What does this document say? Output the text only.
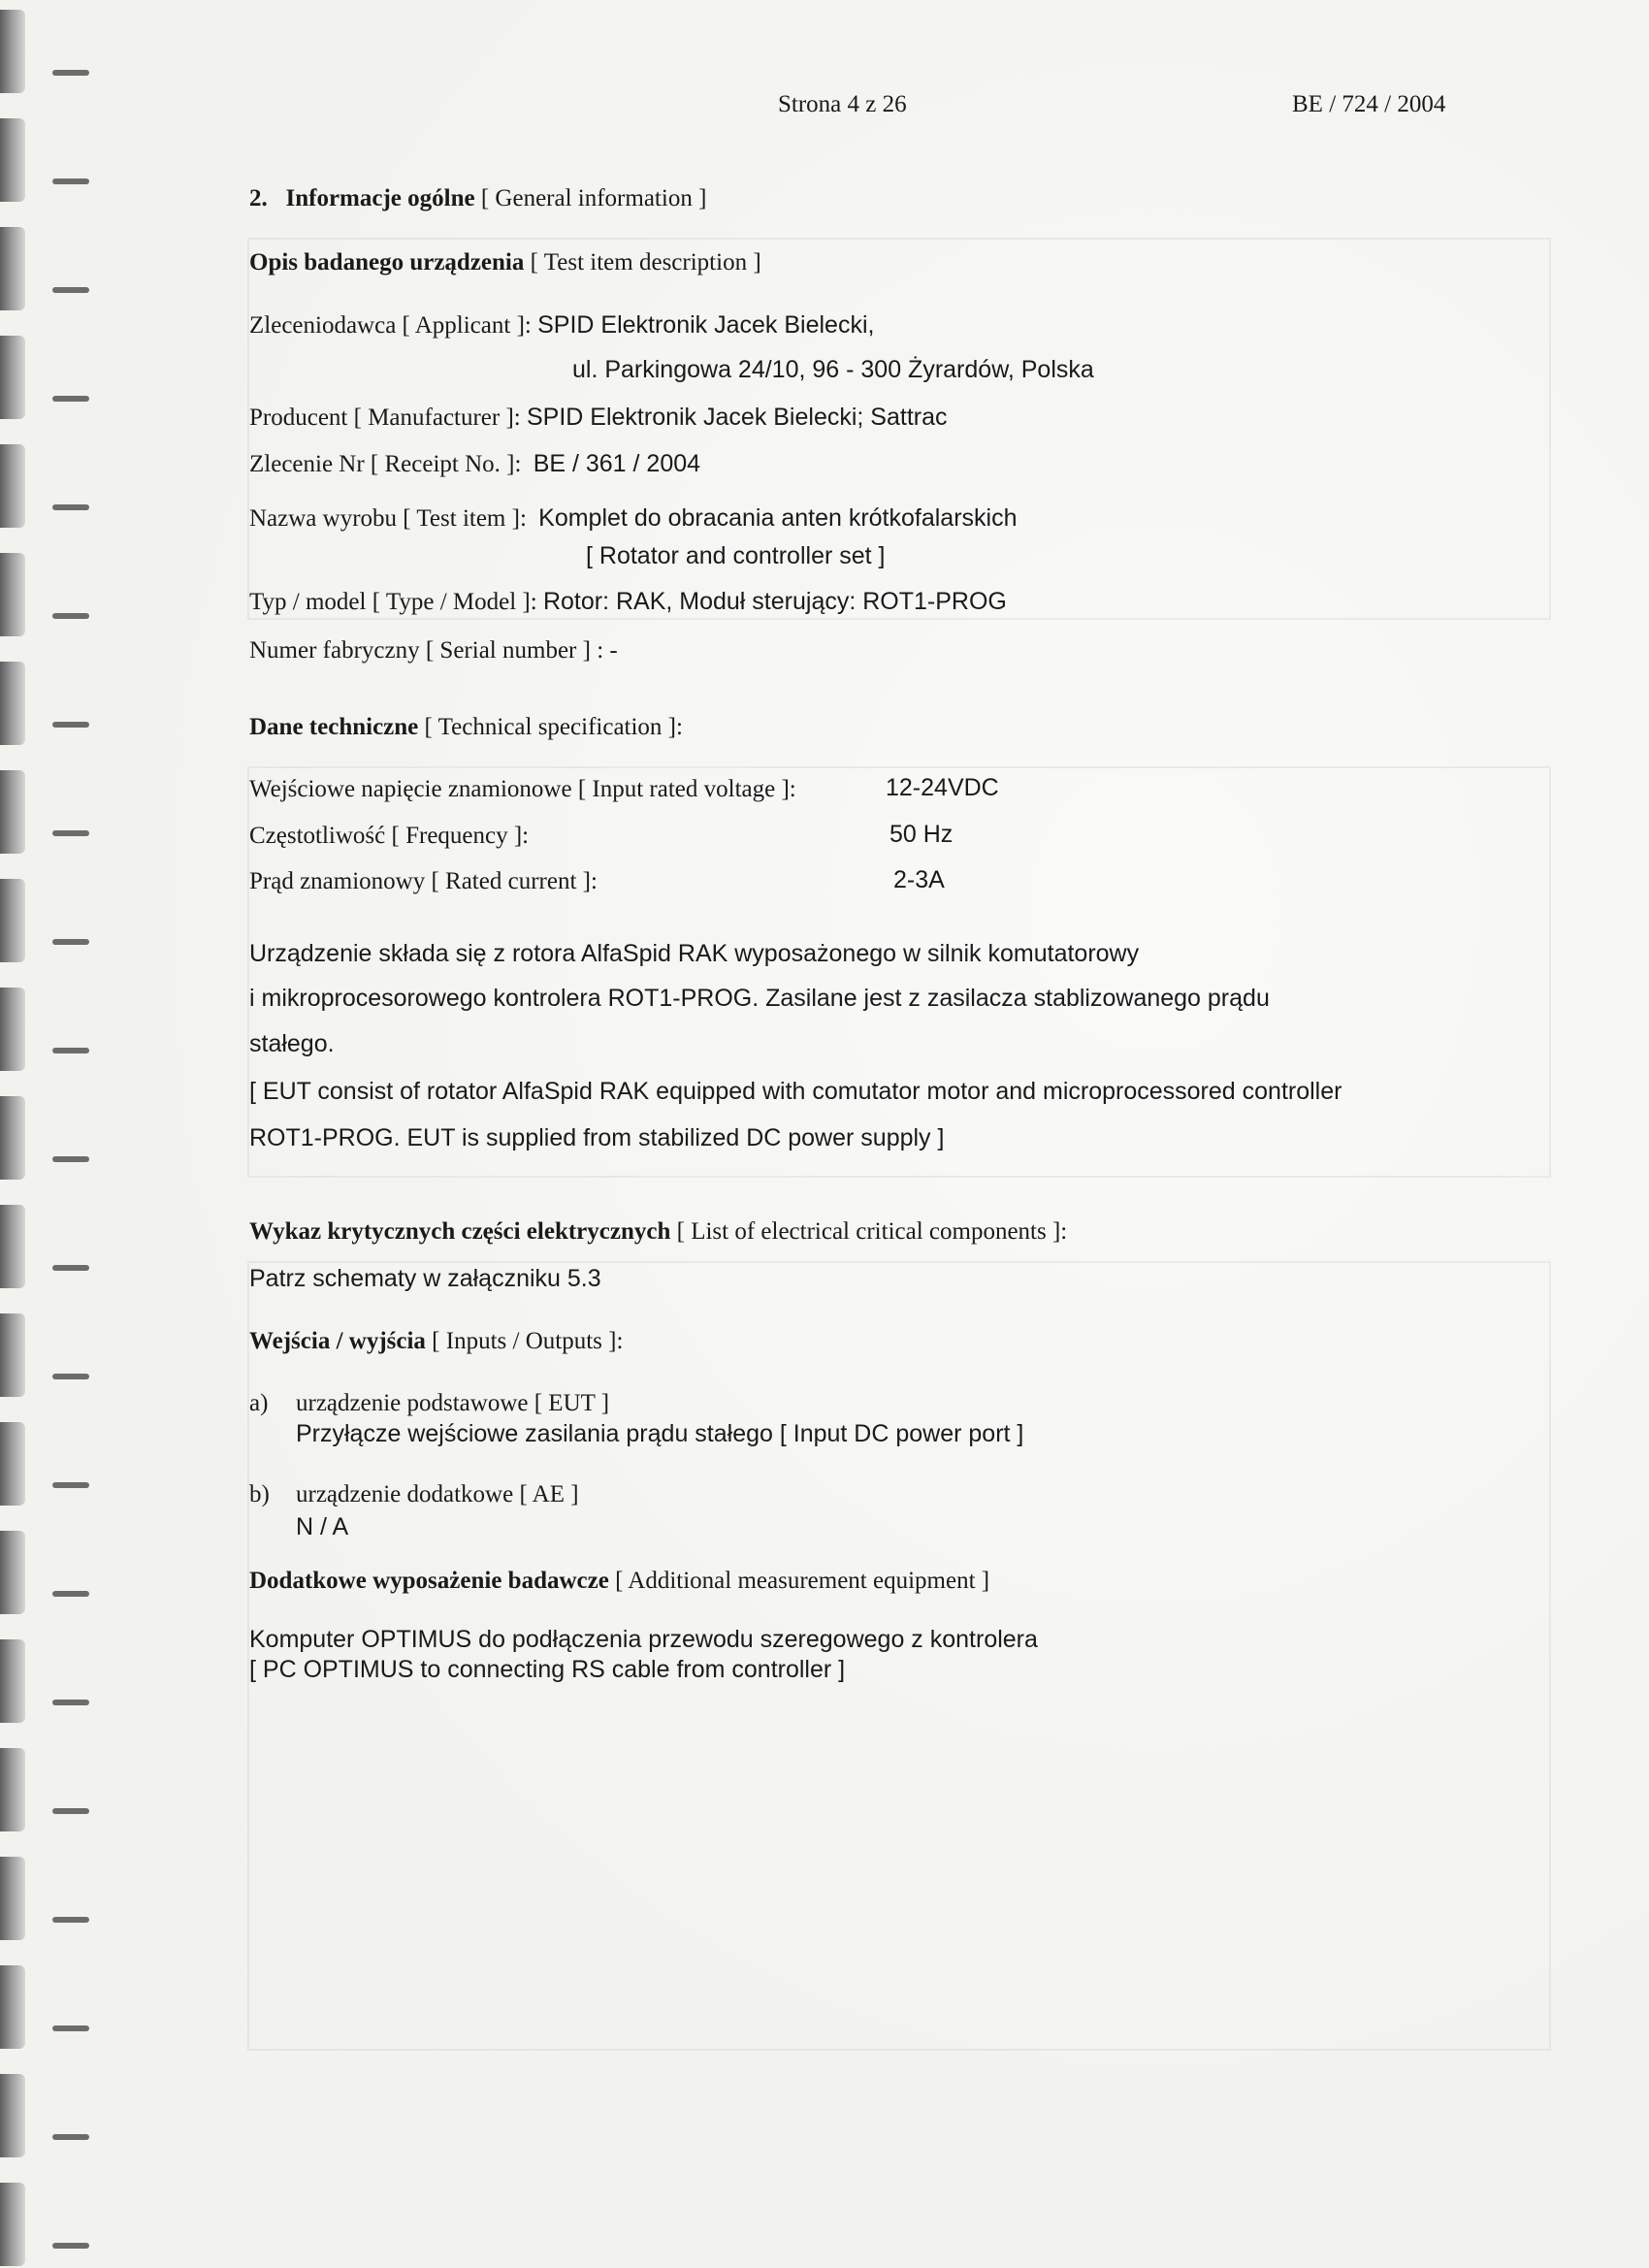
Strona 4 z 26	BE / 724 / 2004
2. Informacje ogólne [ General information ]
Opis badanego urządzenia [ Test item description ]
Zleceniodawca [ Applicant ]: SPID Elektronik Jacek Bielecki,
ul. Parkingowa 24/10, 96 - 300 Żyrardów, Polska
Producent [ Manufacturer ]: SPID Elektronik Jacek Bielecki; Sattrac
Zlecenie Nr [ Receipt No. ]: BE / 361 / 2004
Nazwa wyrobu [ Test item ]: Komplet do obracania anten krótkofalarskich
[ Rotator and controller set ]
Typ / model [ Type / Model ]: Rotor: RAK, Moduł sterujący: ROT1-PROG
Numer fabryczny [ Serial number ] : -
Dane techniczne [ Technical specification ]:
Wejściowe napięcie znamionowe [ Input rated voltage ]:	12-24VDC
Częstotliwość [ Frequency ]:	50 Hz
Prąd znamionowy [ Rated current ]:	2-3A
Urządzenie składa się z rotora AlfaSpid RAK wyposażonego w silnik komutatorowy
i mikroprocesorowego kontrolera ROT1-PROG. Zasilane jest z zasilacza stablizowanego prądu
stałego.
[ EUT consist of rotator AlfaSpid RAK equipped with comutator motor and microprocessored controller
ROT1-PROG. EUT is supplied from stabilized DC power supply ]
Wykaz krytycznych części elektrycznych [ List of electrical critical components ]:
Patrz schematy w załączniku 5.3
Wejścia / wyjścia [ Inputs / Outputs ]:
a) urządzenie podstawowe [ EUT ]
Przyłącze wejściowe zasilania prądu stałego [ Input DC power port ]
b) urządzenie dodatkowe [ AE ]
N / A
Dodatkowe wyposażenie badawcze [ Additional measurement equipment ]
Komputer OPTIMUS do podłączenia przewodu szeregowego z kontrolera
[ PC OPTIMUS to connecting RS cable from controller ]
